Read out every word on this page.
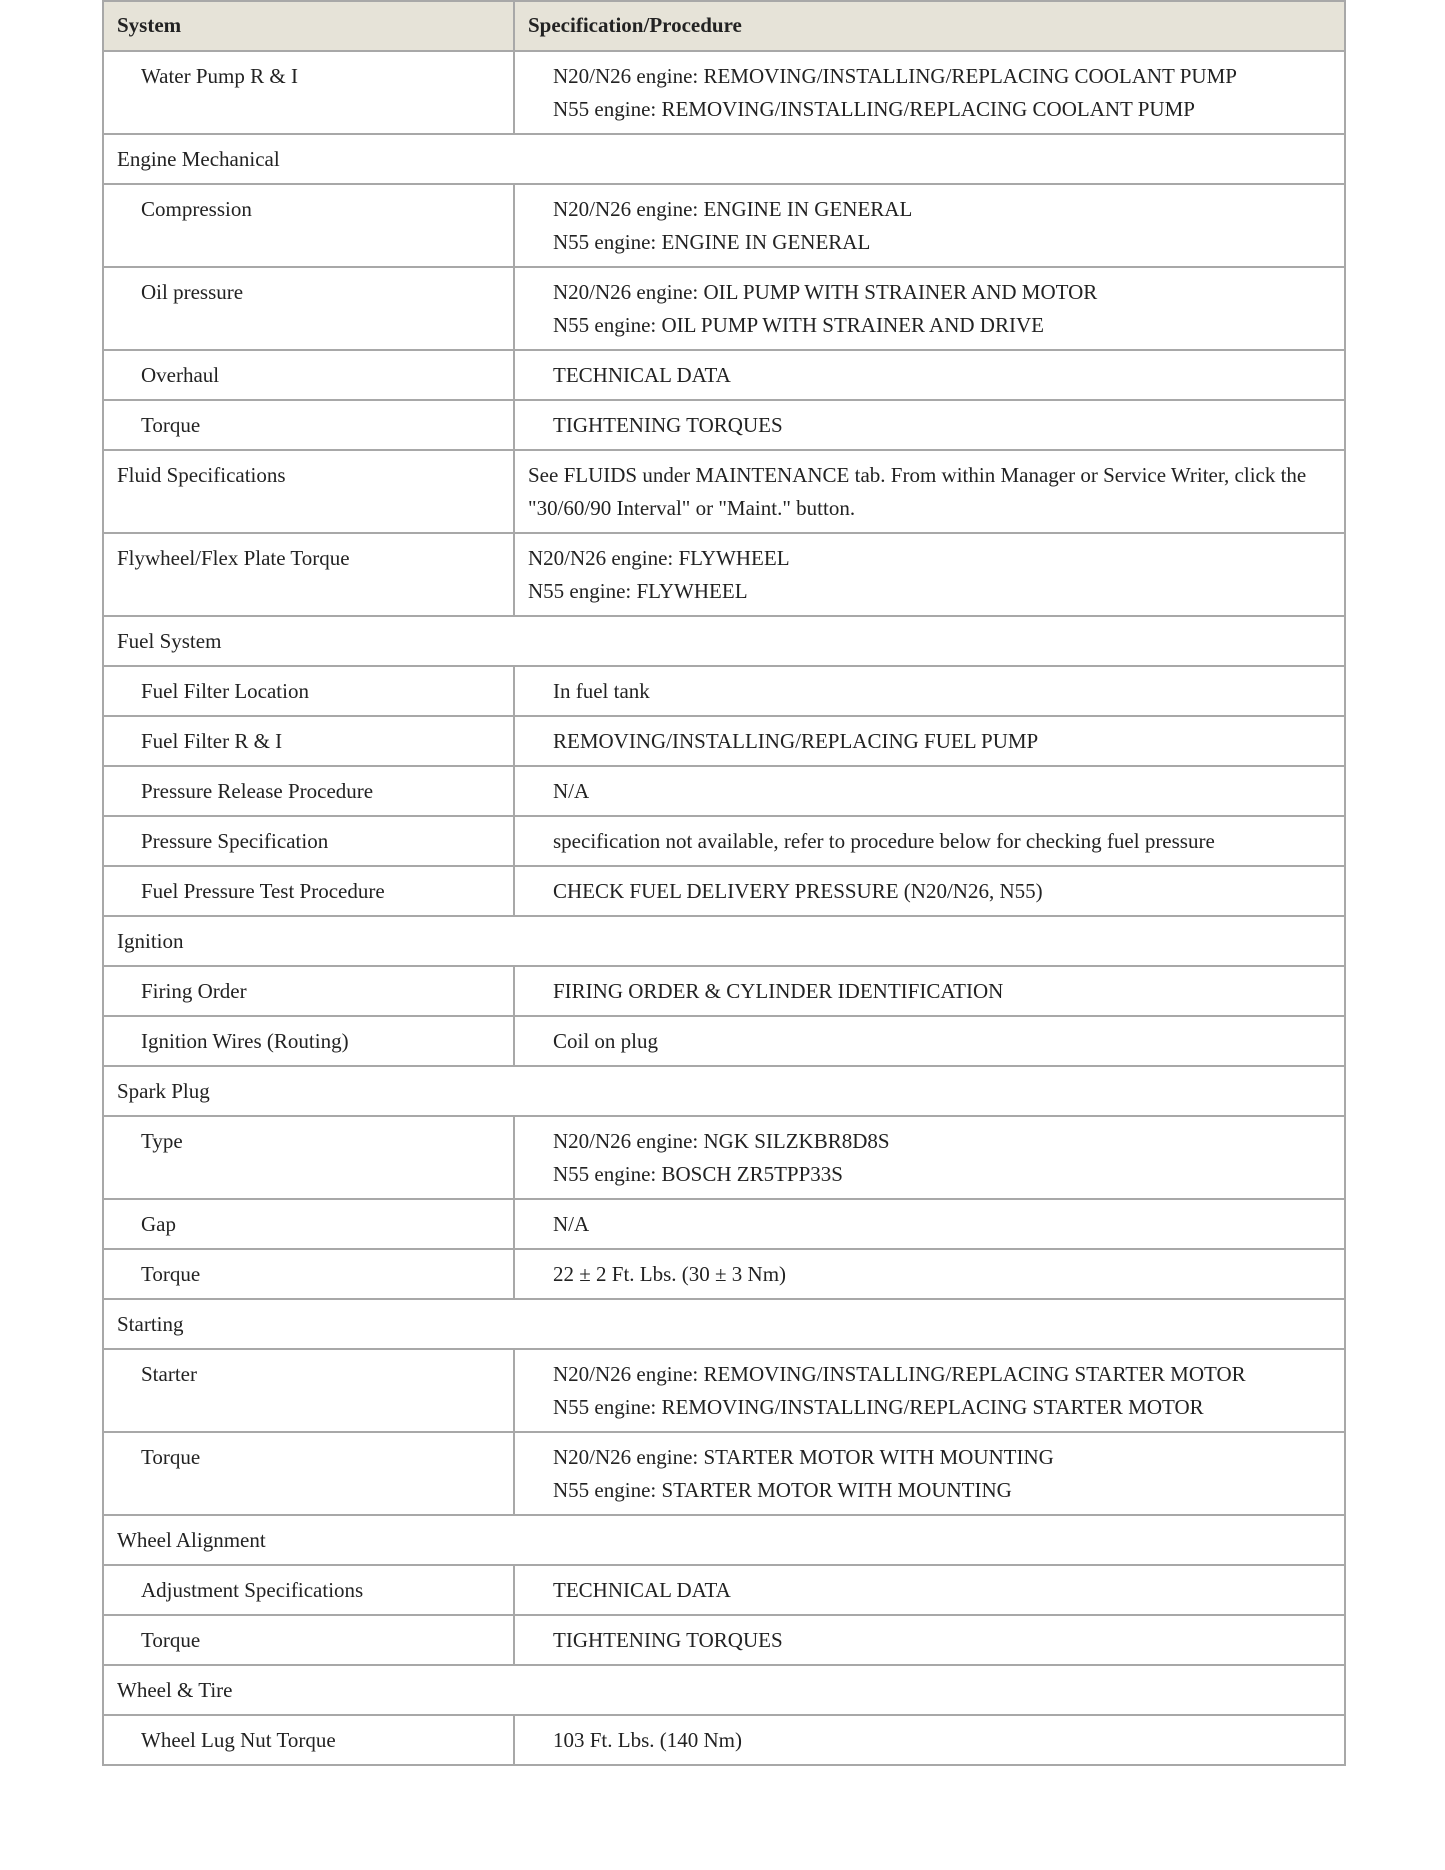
System	Specification/Procedure
Water Pump R & I	N20/N26 engine: REMOVING/INSTALLING/REPLACING COOLANT PUMP
N55 engine: REMOVING/INSTALLING/REPLACING COOLANT PUMP

Engine Mechanical	
Compression	N20/N26 engine: ENGINE IN GENERAL
N55 engine: ENGINE IN GENERAL

Oil pressure	N20/N26 engine: OIL PUMP WITH STRAINER AND MOTOR
N55 engine: OIL PUMP WITH STRAINER AND DRIVE

Overhaul	TECHNICAL DATA

Torque	TIGHTENING TORQUES

Fluid Specifications	See FLUIDS under MAINTENANCE tab. From within Manager or Service Writer, click the "30/60/90 Interval" or "Maint." button.

Flywheel/Flex Plate Torque	N20/N26 engine: FLYWHEEL
N55 engine: FLYWHEEL

Fuel System	
Fuel Filter Location	In fuel tank

Fuel Filter R & I	REMOVING/INSTALLING/REPLACING FUEL PUMP

Pressure Release Procedure	N/A

Pressure Specification	specification not available, refer to procedure below for checking fuel pressure

Fuel Pressure Test Procedure	CHECK FUEL DELIVERY PRESSURE (N20/N26, N55)

Ignition	
Firing Order	FIRING ORDER & CYLINDER IDENTIFICATION

Ignition Wires (Routing)	Coil on plug

Spark Plug	
Type	N20/N26 engine: NGK SILZKBR8D8S
N55 engine: BOSCH ZR5TPP33S

Gap	N/A

Torque	22 ± 2 Ft. Lbs. (30 ± 3 Nm)

Starting	
Starter	N20/N26 engine: REMOVING/INSTALLING/REPLACING STARTER MOTOR
N55 engine: REMOVING/INSTALLING/REPLACING STARTER MOTOR

Torque	N20/N26 engine: STARTER MOTOR WITH MOUNTING
N55 engine: STARTER MOTOR WITH MOUNTING

Wheel Alignment	
Adjustment Specifications	TECHNICAL DATA

Torque	TIGHTENING TORQUES

Wheel & Tire	
Wheel Lug Nut Torque	103 Ft. Lbs. (140 Nm)
